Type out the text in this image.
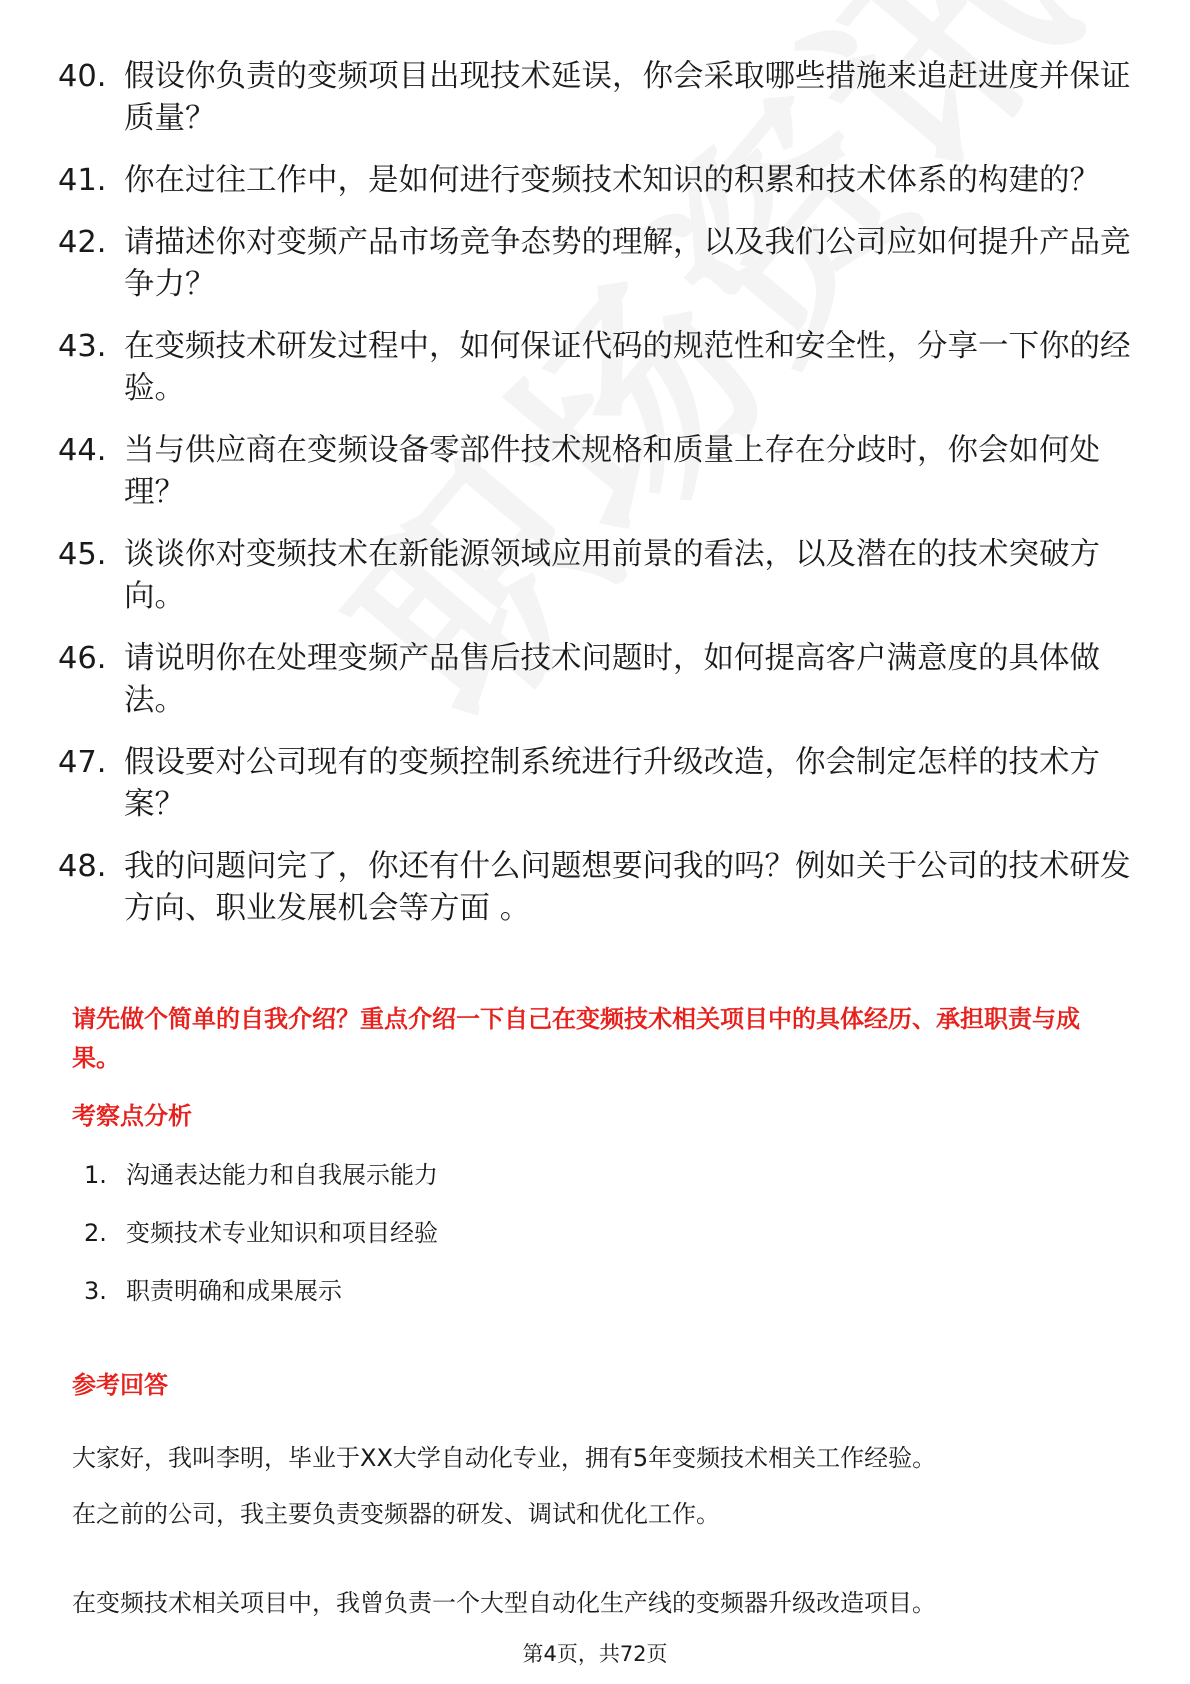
40. 假设你负责的变频项目出现技术延误，你会采取哪些措施来追赶进度并保证质量？
41. 你在过往工作中，是如何进行变频技术知识的积累和技术体系的构建的？
42. 请描述你对变频产品市场竞争态势的理解，以及我们公司应如何提升产品竞争力？
43. 在变频技术研发过程中，如何保证代码的规范性和安全性，分享一下你的经验。
44. 当与供应商在变频设备零部件技术规格和质量上存在分歧时，你会如何处理？
45. 谈谈你对变频技术在新能源领域应用前景的看法，以及潜在的技术突破方向。
46. 请说明你在处理变频产品售后技术问题时，如何提高客户满意度的具体做法。
47. 假设要对公司现有的变频控制系统进行升级改造，你会制定怎样的技术方案？
48. 我的问题问完了，你还有什么问题想要问我的吗？例如关于公司的技术研发方向、职业发展机会等方面 。
请先做个简单的自我介绍？重点介绍一下自己在变频技术相关项目中的具体经历、承担职责与成果。
考察点分析
1. 沟通表达能力和自我展示能力
2. 变频技术专业知识和项目经验
3. 职责明确和成果展示
参考回答
大家好，我叫李明，毕业于XX大学自动化专业，拥有5年变频技术相关工作经验。
在之前的公司，我主要负责变频器的研发、调试和优化工作。
在变频技术相关项目中，我曾负责一个大型自动化生产线的变频器升级改造项目。
第4页，共72页
